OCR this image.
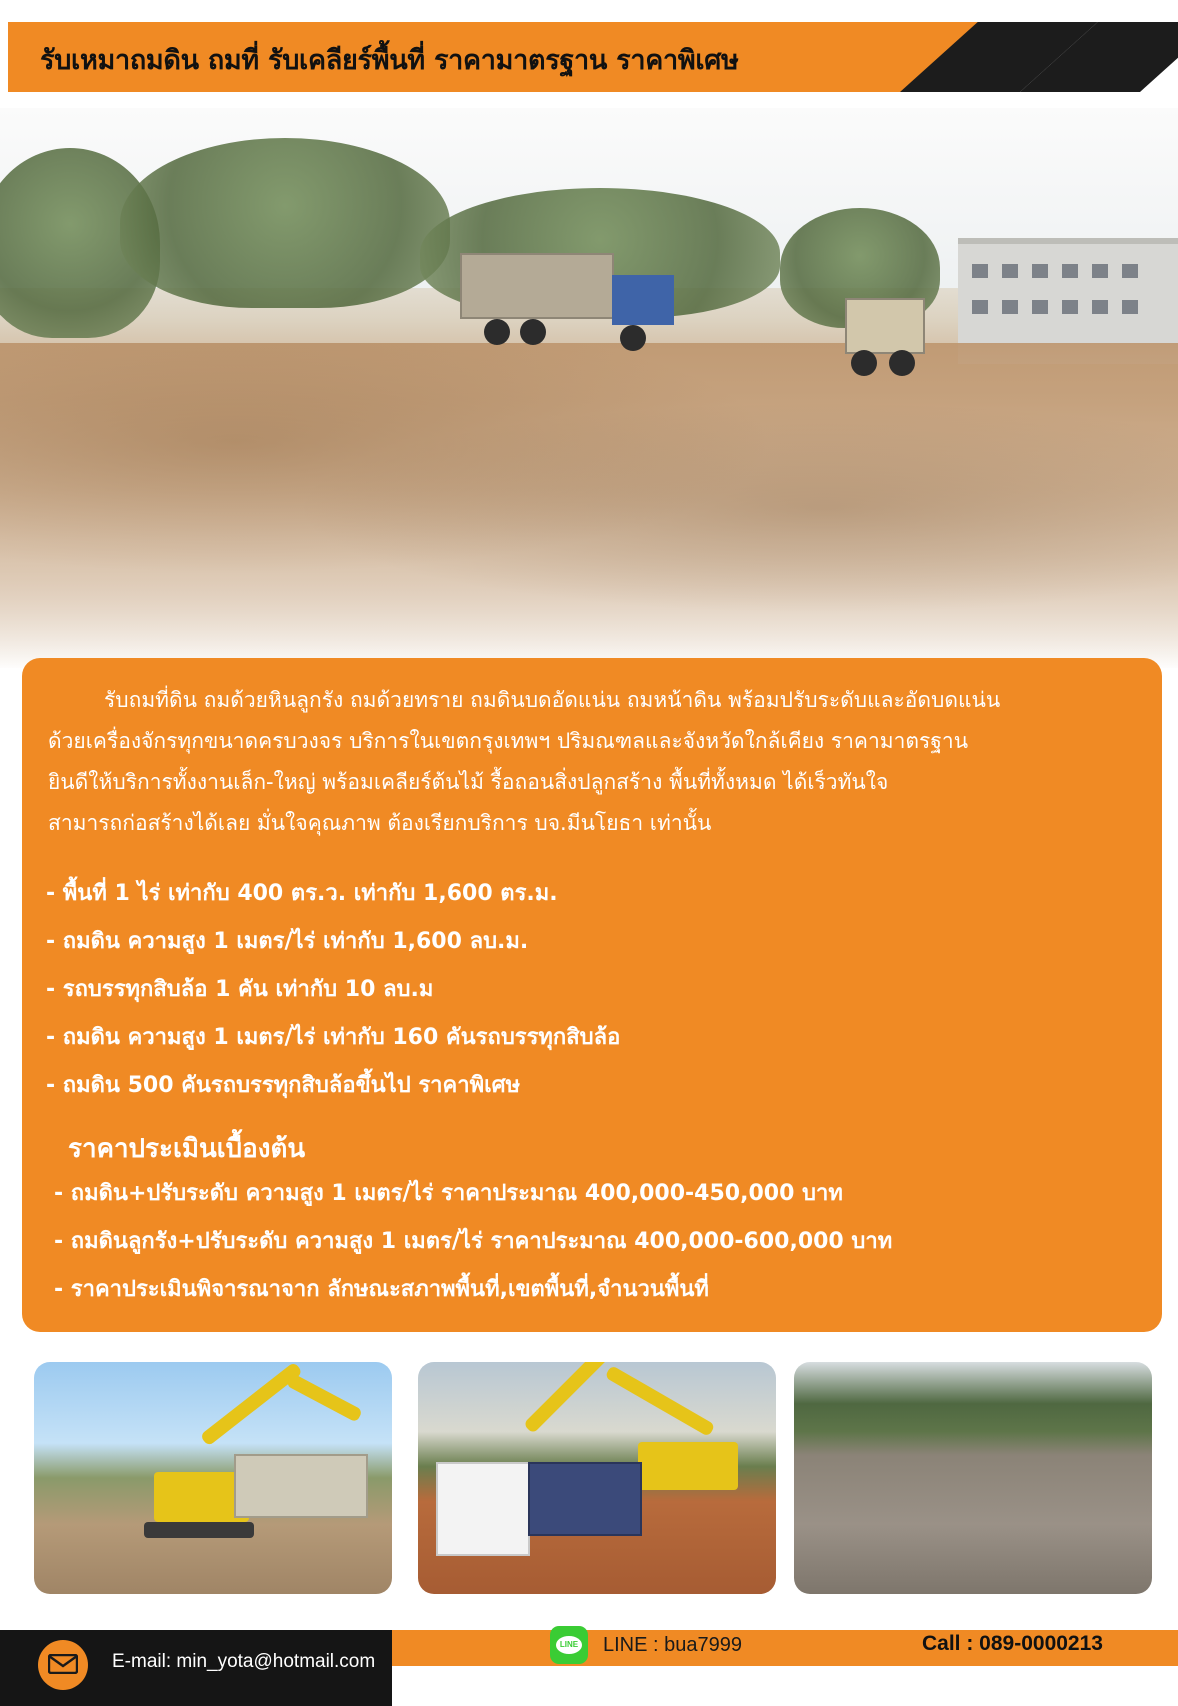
รับเหมาถมดิน ถมที่ รับเคลียร์พื้นที่ ราคามาตรฐาน ราคาพิเศษ
รับถมที่ดิน ถมด้วยหินลูกรัง ถมด้วยทราย ถมดินบดอัดแน่น ถมหน้าดิน พร้อมปรับระดับและอัดบดแน่น
ด้วยเครื่องจักรทุกขนาดครบวงจร บริการในเขตกรุงเทพฯ ปริมณฑลและจังหวัดใกล้เคียง ราคามาตรฐาน
ยินดีให้บริการทั้งงานเล็ก-ใหญ่ พร้อมเคลียร์ต้นไม้ รื้อถอนสิ่งปลูกสร้าง พื้นที่ทั้งหมด ได้เร็วทันใจ
สามารถก่อสร้างได้เลย มั่นใจคุณภาพ ต้องเรียกบริการ บจ.มีนโยธา เท่านั้น
- พื้นที่ 1 ไร่ เท่ากับ 400 ตร.ว. เท่ากับ 1,600 ตร.ม.
- ถมดิน ความสูง 1 เมตร/ไร่ เท่ากับ 1,600 ลบ.ม.
- รถบรรทุกสิบล้อ 1 คัน เท่ากับ 10 ลบ.ม
- ถมดิน ความสูง 1 เมตร/ไร่ เท่ากับ 160 คันรถบรรทุกสิบล้อ
- ถมดิน 500 คันรถบรรทุกสิบล้อขึ้นไป ราคาพิเศษ
ราคาประเมินเบื้องต้น
- ถมดิน+ปรับระดับ ความสูง 1 เมตร/ไร่ ราคาประมาณ 400,000-450,000 บาท
- ถมดินลูกรัง+ปรับระดับ ความสูง 1 เมตร/ไร่ ราคาประมาณ 400,000-600,000 บาท
- ราคาประเมินพิจารณาจาก ลักษณะสภาพพื้นที่,เขตพื้นที่,จำนวนพื้นที่
E-mail: min_yota@hotmail.com
LINE LINE : bua7999	Call : 089-0000213
